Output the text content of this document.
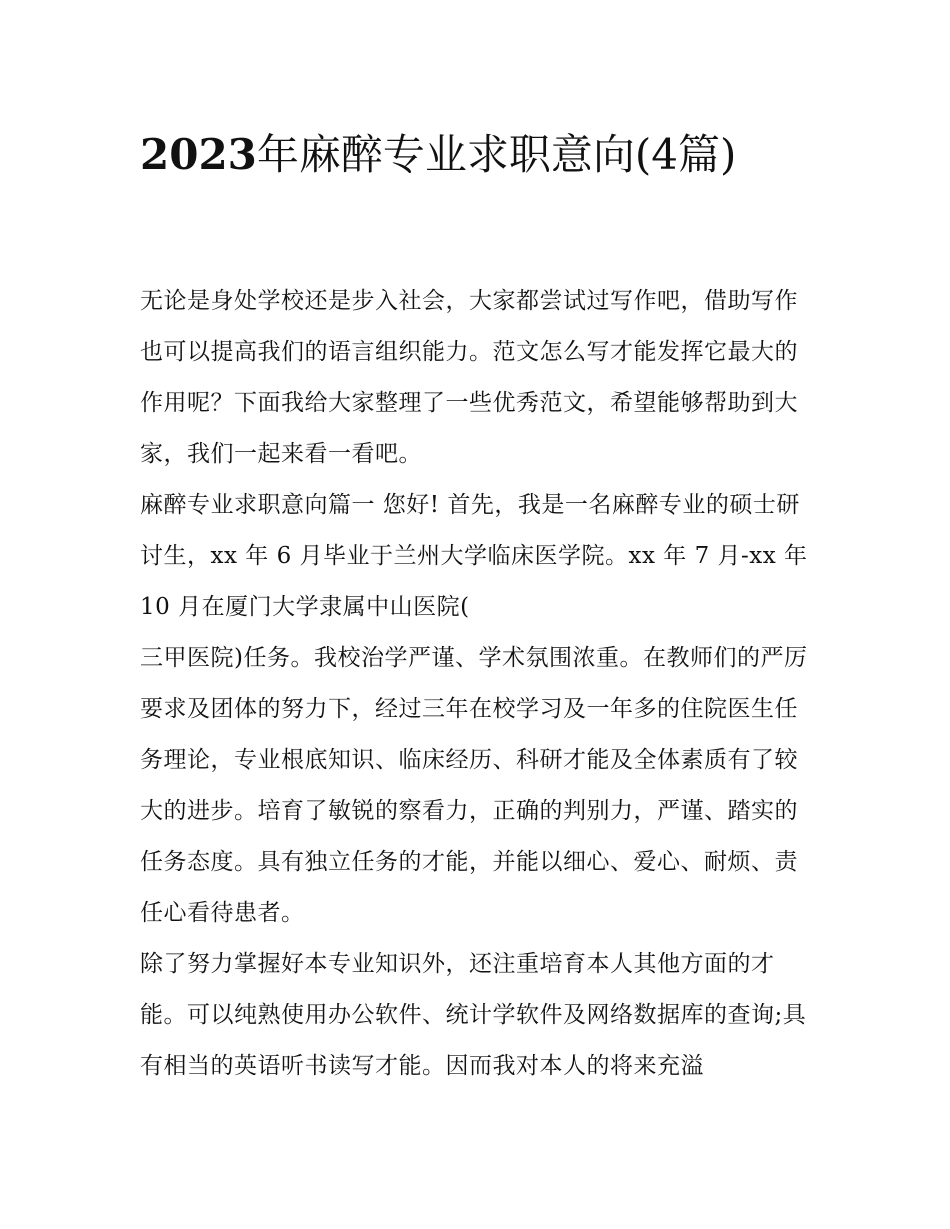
2023年麻醉专业求职意向(4篇)

无论是身处学校还是步入社会，大家都尝试过写作吧，借助写作也可以提高我们的语言组织能力。范文怎么写才能发挥它最大的作用呢？下面我给大家整理了一些优秀范文，希望能够帮助到大家，我们一起来看一看吧。

麻醉专业求职意向篇一 您好! 首先，我是一名麻醉专业的硕士研讨生，xx 年 6 月毕业于兰州大学临床医学院。xx 年 7 月-xx 年 10 月在厦门大学隶属中山医院(

三甲医院)任务。我校治学严谨、学术氛围浓重。在教师们的严厉要求及团体的努力下，经过三年在校学习及一年多的住院医生任务理论，专业根底知识、临床经历、科研才能及全体素质有了较大的进步。培育了敏锐的察看力，正确的判别力，严谨、踏实的任务态度。具有独立任务的才能，并能以细心、爱心、耐烦、责任心看待患者。

除了努力掌握好本专业知识外，还注重培育本人其他方面的才能。可以纯熟使用办公软件、统计学软件及网络数据库的查询;具有相当的英语听书读写才能。因而我对本人的将来充溢
